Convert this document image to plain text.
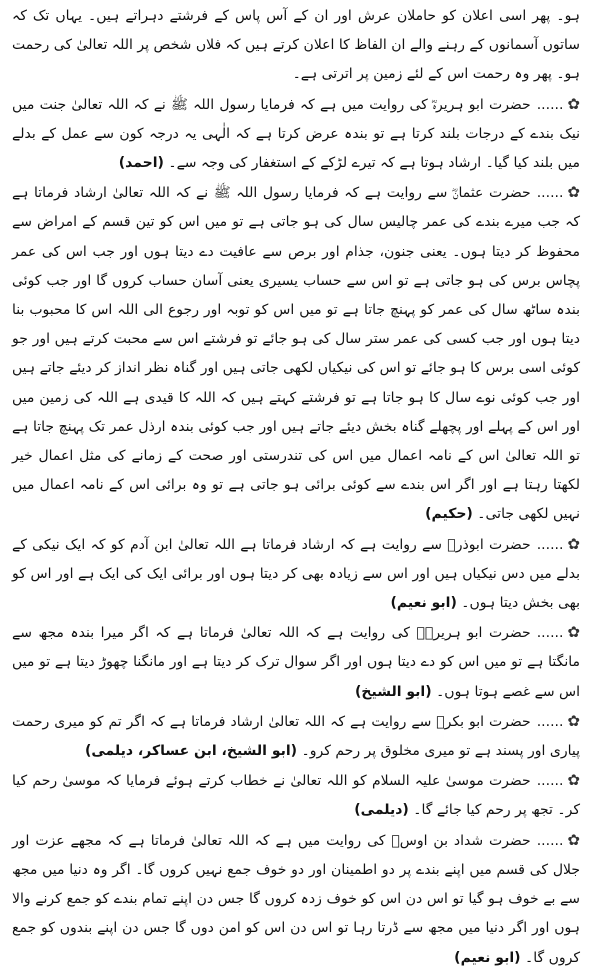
ہو۔ پھر اسی اعلان کو حاملان عرش اور ان کے آس پاس کے فرشتے دہراتے ہیں۔ یہاں تک کہ ساتوں آسمانوں کے رہنے والے ان الفاظ کا اعلان کرتے ہیں کہ فلاں شخص پر اللہ تعالیٰ کی رحمت ہو۔ پھر وہ رحمت اس کے لئے زمین پر اترتی ہے۔

✿......حضرت ابو ہریرہؓ کی روایت میں ہے کہ فرمایا رسول اللہ ﷺ نے کہ اللہ تعالیٰ جنت میں نیک بندے کے درجات بلند کرتا ہے تو بندہ عرض کرتا ہے کہ الٰہی یہ درجہ کون سے عمل کے بدلے میں بلند کیا گیا۔ ارشاد ہوتا ہے کہ تیرے لڑکے کے استغفار کی وجہ سے۔ (احمد)

✿......حضرت عثمانؓ سے روایت ہے کہ فرمایا رسول اللہ ﷺ نے کہ اللہ تعالیٰ ارشاد فرماتا ہے کہ جب میرے بندے کی عمر چالیس سال کی ہو جاتی ہے تو میں اس کو تین قسم کے امراض سے محفوظ کر دیتا ہوں۔ یعنی جنون، جذام اور برص سے عافیت دے دیتا ہوں اور جب اس کی عمر پچاس برس کی ہو جاتی ہے تو اس سے حساب یسیری یعنی آسان حساب کروں گا اور جب کوئی بندہ ساٹھ سال کی عمر کو پہنچ جاتا ہے تو میں اس کو توبہ اور رجوع الی اللہ اس کا محبوب بنا دیتا ہوں اور جب کسی کی عمر ستر سال کی ہو جائے تو فرشتے اس سے محبت کرتے ہیں اور جو کوئی اسی برس کا ہو جائے تو اس کی نیکیاں لکھی جاتی ہیں اور گناہ نظر انداز کر دیئے جاتے ہیں اور جب کوئی نوے سال کا ہو جاتا ہے تو فرشتے کہتے ہیں کہ اللہ کا قیدی ہے اللہ کی زمین میں اور اس کے پہلے اور پچھلے گناہ بخش دیئے جاتے ہیں اور جب کوئی بندہ ارذل عمر تک پہنچ جاتا ہے تو اللہ تعالیٰ اس کے نامہ اعمال میں اس کی تندرستی اور صحت کے زمانے کی مثل اعمال خیر لکھتا رہتا ہے اور اگر اس بندے سے کوئی برائی ہو جاتی ہے تو وہ برائی اس کے نامہ اعمال میں نہیں لکھی جاتی۔ (حکیم)

✿......حضرت ابوذرؓ سے روایت ہے کہ ارشاد فرماتا ہے اللہ تعالیٰ ابن آدم کو کہ ایک نیکی کے بدلے میں دس نیکیاں ہیں اور اس سے زیادہ بھی کر دیتا ہوں اور برائی ایک کی ایک ہے اور اس کو بھی بخش دیتا ہوں۔ (ابو نعیم)

✿......حضرت ابو ہریرہؓ کی روایت ہے کہ اللہ تعالیٰ فرماتا ہے کہ اگر میرا بندہ مجھ سے مانگتا ہے تو میں اس کو دے دیتا ہوں اور اگر سوال ترک کر دیتا ہے اور مانگنا چھوڑ دیتا ہے تو میں اس سے غصے ہوتا ہوں۔ (ابو الشیخ)

✿......حضرت ابو بکرؓ سے روایت ہے کہ اللہ تعالیٰ ارشاد فرماتا ہے کہ اگر تم کو میری رحمت پیاری اور پسند ہے تو میری مخلوق پر رحم کرو۔ (ابو الشیخ، ابن عساکر، دیلمی)

✿......حضرت موسیٰ علیہ السلام کو اللہ تعالیٰ نے خطاب کرتے ہوئے فرمایا کہ موسیٰ رحم کیا کر۔ تجھ پر رحم کیا جائے گا۔ (دیلمی)

✿......حضرت شداد بن اوسؓ کی روایت میں ہے کہ اللہ تعالیٰ فرماتا ہے کہ مجھے عزت اور جلال کی قسم میں اپنے بندے پر دو اطمینان اور دو خوف جمع نہیں کروں گا۔ اگر وہ دنیا میں مجھ سے بے خوف ہو گیا تو اس دن اس کو خوف زدہ کروں گا جس دن اپنے تمام بندے کو جمع کرنے والا ہوں اور اگر دنیا میں مجھ سے ڈرتا رہا تو اس دن اس کو امن دوں گا جس دن اپنے بندوں کو جمع کروں گا۔ (ابو نعیم)
